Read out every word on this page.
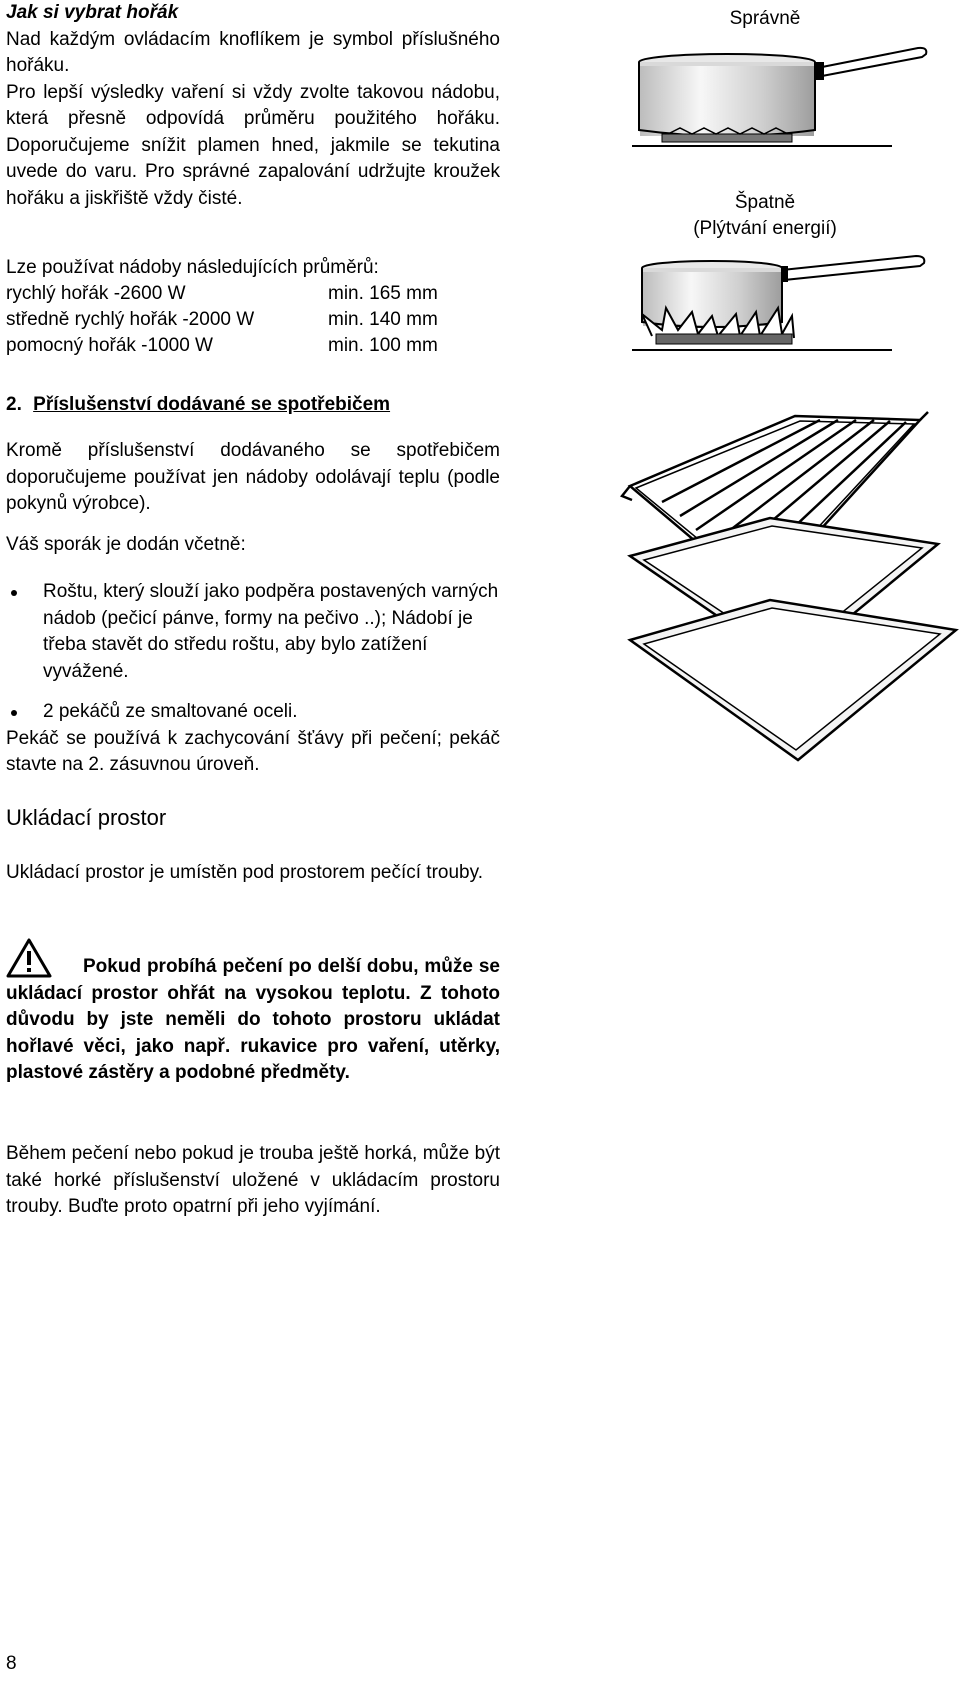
Jak si vybrat hořák
Nad každým ovládacím knoflíkem je symbol příslušného hořáku.
Pro lepší výsledky vaření si vždy zvolte takovou nádobu, která přesně odpovídá průměru použitého hořáku. Doporučujeme snížit plamen hned, jakmile se tekutina uvede do varu. Pro správné zapalování udržujte kroužek hořáku a jiskřiště vždy čisté.
Lze používat nádoby následujících průměrů:
rychlý hořák -2600 W	min. 165 mm
středně rychlý hořák -2000 W	min. 140 mm
pomocný hořák -1000 W	min. 100 mm
Správně
Špatně
(Plýtvání energií)
2. Příslušenství dodávané se spotřebičem
Kromě příslušenství dodávaného se spotřebičem doporučujeme používat jen nádoby odolávají teplu (podle pokynů výrobce).
Váš sporák je dodán včetně:
Roštu, který slouží jako podpěra postavených varných nádob (pečicí pánve, formy na pečivo ..); Nádobí je třeba stavět do středu roštu, aby bylo zatížení vyvážené.
2 pekáčů ze smaltované oceli.
Pekáč se používá k zachycování šťávy při pečení; pekáč stavte na 2. zásuvnou úroveň.
Ukládací prostor
Ukládací prostor je umístěn pod prostorem pečící trouby.
Pokud probíhá pečení po delší dobu, může se ukládací prostor ohřát na vysokou teplotu. Z tohoto důvodu by jste neměli do tohoto prostoru ukládat hořlavé věci, jako např. rukavice pro vaření, utěrky, plastové zástěry a podobné předměty.
Během pečení nebo pokud je trouba ještě horká, může být také horké příslušenství uložené v ukládacím prostoru trouby. Buďte proto opatrní při jeho vyjímání.
8
